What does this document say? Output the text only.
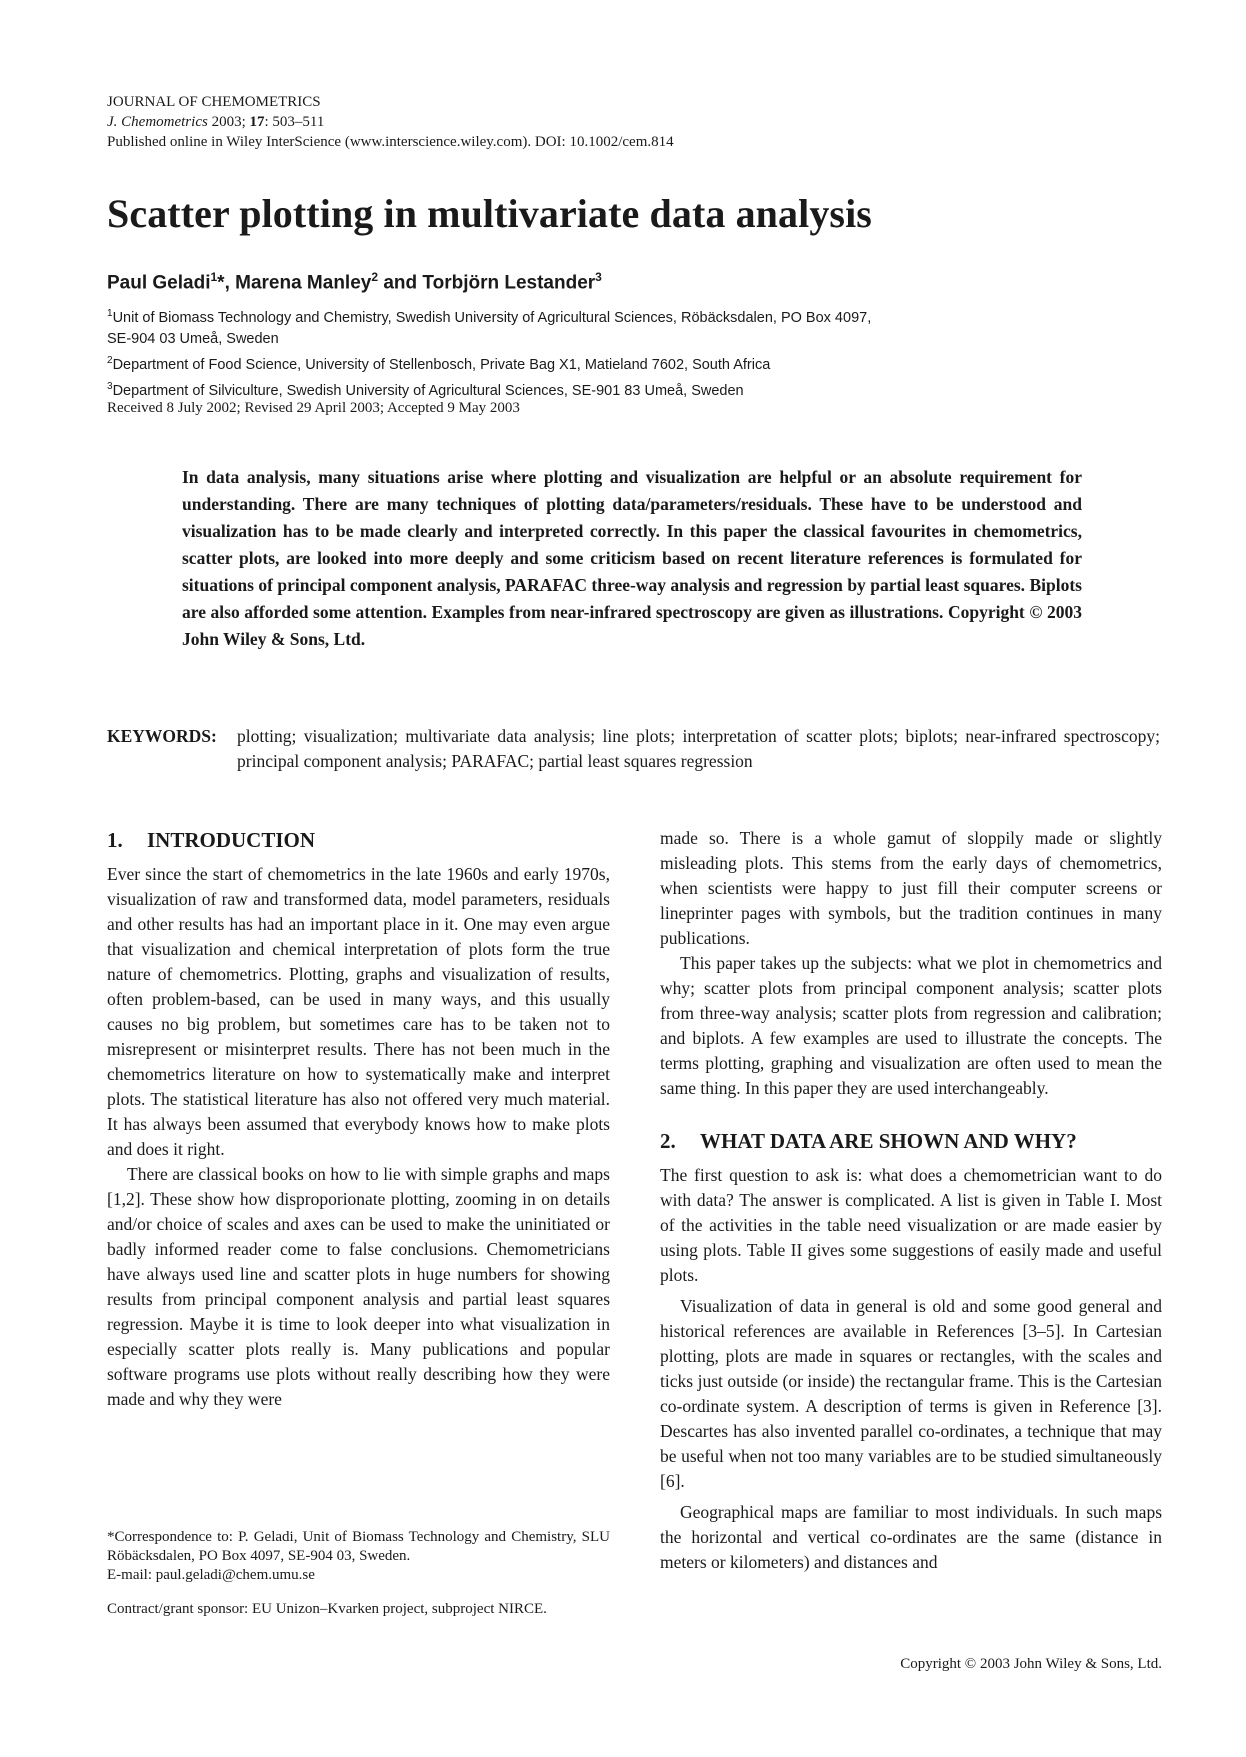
JOURNAL OF CHEMOMETRICS
J. Chemometrics 2003; 17: 503–511
Published online in Wiley InterScience (www.interscience.wiley.com). DOI: 10.1002/cem.814
Scatter plotting in multivariate data analysis
Paul Geladi$^1$*, Marena Manley$^2$ and Torbjörn Lestander$^3$
$^1$Unit of Biomass Technology and Chemistry, Swedish University of Agricultural Sciences, Röbäcksdalen, PO Box 4097,
SE-904 03 Umeå, Sweden
$^2$Department of Food Science, University of Stellenbosch, Private Bag X1, Matieland 7602, South Africa
$^3$Department of Silviculture, Swedish University of Agricultural Sciences, SE-901 83 Umeå, Sweden
Received 8 July 2002; Revised 29 April 2003; Accepted 9 May 2003

In data analysis, many situations arise where plotting and visualization are helpful or an absolute requirement for understanding. There are many techniques of plotting data/parameters/residuals. These have to be understood and visualization has to be made clearly and interpreted correctly. In this paper the classical favourites in chemometrics, scatter plots, are looked into more deeply and some criticism based on recent literature references is formulated for situations of principal component analysis, PARAFAC three-way analysis and regression by partial least squares. Biplots are also afforded some attention. Examples from near-infrared spectroscopy are given as illustrations. Copyright © 2003 John Wiley & Sons, Ltd.

KEYWORDS: plotting; visualization; multivariate data analysis; line plots; interpretation of scatter plots; biplots; near-infrared spectroscopy; principal component analysis; PARAFAC; partial least squares regression
1. INTRODUCTION

Ever since the start of chemometrics in the late 1960s and early 1970s, visualization of raw and transformed data, model parameters, residuals and other results has had an important place in it. One may even argue that visualization and chemical interpretation of plots form the true nature of chemometrics. Plotting, graphs and visualization of results, often problem-based, can be used in many ways, and this usually causes no big problem, but sometimes care has to be taken not to misrepresent or misinterpret results. There has not been much in the chemometrics literature on how to systematically make and interpret plots. The statistical literature has also not offered very much material. It has always been assumed that everybody knows how to make plots and does it right.

There are classical books on how to lie with simple graphs and maps [1,2]. These show how disproporionate plotting, zooming in on details and/or choice of scales and axes can be used to make the uninitiated or badly informed reader come to false conclusions. Chemometricians have always used line and scatter plots in huge numbers for showing results from principal component analysis and partial least squares regression. Maybe it is time to look deeper into what visualization in especially scatter plots really is. Many publications and popular software programs use plots without really describing how they were made and why they were

made so. There is a whole gamut of sloppily made or slightly misleading plots. This stems from the early days of chemometrics, when scientists were happy to just fill their computer screens or lineprinter pages with symbols, but the tradition continues in many publications.

This paper takes up the subjects: what we plot in chemometrics and why; scatter plots from principal component analysis; scatter plots from three-way analysis; scatter plots from regression and calibration; and biplots. A few examples are used to illustrate the concepts. The terms plotting, graphing and visualization are often used to mean the same thing. In this paper they are used interchangeably.

2. WHAT DATA ARE SHOWN AND WHY?

The first question to ask is: what does a chemometrician want to do with data? The answer is complicated. A list is given in Table I. Most of the activities in the table need visualization or are made easier by using plots. Table II gives some suggestions of easily made and useful plots.

Visualization of data in general is old and some good general and historical references are available in References [3–5]. In Cartesian plotting, plots are made in squares or rectangles, with the scales and ticks just outside (or inside) the rectangular frame. This is the Cartesian co-ordinate system. A description of terms is given in Reference [3]. Descartes has also invented parallel co-ordinates, a technique that may be useful when not too many variables are to be studied simultaneously [6].

Geographical maps are familiar to most individuals. In such maps the horizontal and vertical co-ordinates are the same (distance in meters or kilometers) and distances and

*Correspondence to: P. Geladi, Unit of Biomass Technology and Chemistry, SLU Röbäcksdalen, PO Box 4097, SE-904 03, Sweden.
E-mail: paul.geladi@chem.umu.se
Contract/grant sponsor: EU Unizon–Kvarken project, subproject NIRCE.
Copyright © 2003 John Wiley & Sons, Ltd.
